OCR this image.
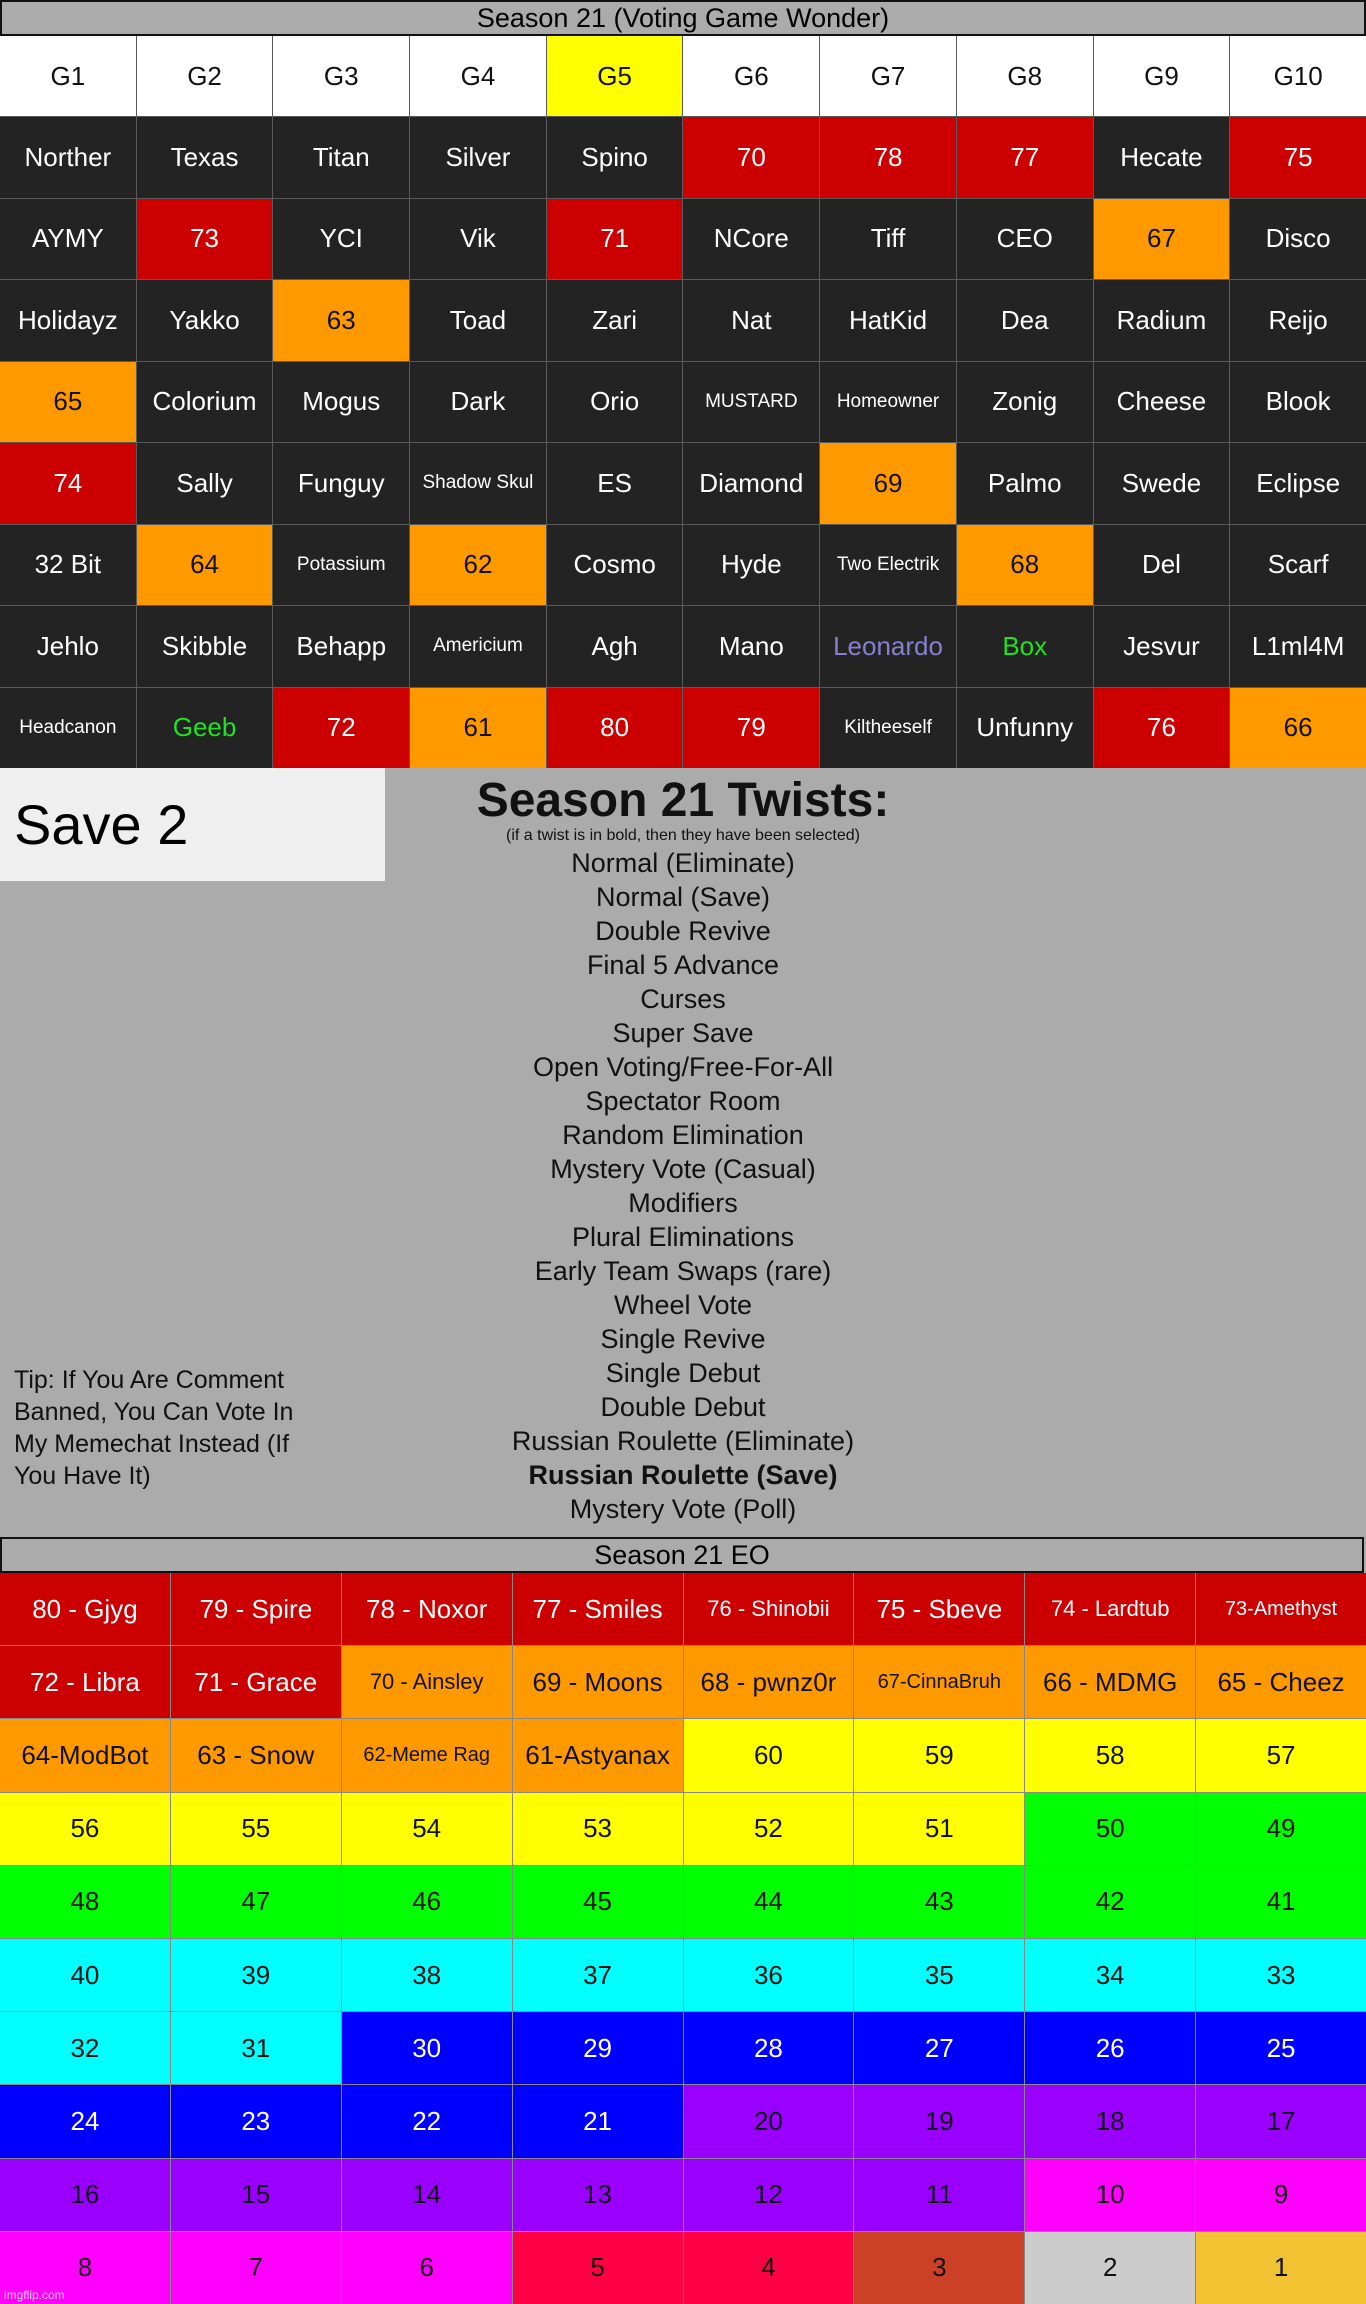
Season 21 (Voting Game Wonder)
G1	G2	G3	G4	G5	G6	G7	G8	G9	G10
Norther	Texas	Titan	Silver	Spino	70	78	77	Hecate	75
AYMY	73	YCI	Vik	71	NCore	Tiff	CEO	67	Disco
Holidayz	Yakko	63	Toad	Zari	Nat	HatKid	Dea	Radium	Reijo
65	Colorium	Mogus	Dark	Orio	MUSTARD	Homeowner	Zonig	Cheese	Blook
74	Sally	Funguy	Shadow Skul	ES	Diamond	69	Palmo	Swede	Eclipse
32 Bit	64	Potassium	62	Cosmo	Hyde	Two Electrik	68	Del	Scarf
Jehlo	Skibble	Behapp	Americium	Agh	Mano	Leonardo	Box	Jesvur	L1ml4M
Headcanon	Geeb	72	61	80	79	Kiltheeself	Unfunny	76	66
Save 2	Season 21 Twists:
(if a twist is in bold, then they have been selected)
Normal (Eliminate)
Normal (Save)
Double Revive
Final 5 Advance
Curses
Super Save
Open Voting/Free-For-All
Spectator Room
Random Elimination
Mystery Vote (Casual)
Modifiers
Plural Eliminations
Early Team Swaps (rare)
Wheel Vote
Single Revive
Single Debut
Double Debut
Russian Roulette (Eliminate)
Russian Roulette (Save)
Mystery Vote (Poll)
Tip: If You Are Comment Banned, You Can Vote In My Memechat Instead (If You Have It)
Season 21 EO
80 - Gjyg	79 - Spire	78 - Noxor	77 - Smiles	76 - Shinobii	75 - Sbeve	74 - Lardtub	73-Amethyst
72 - Libra	71 - Grace	70 - Ainsley	69 - Moons	68 - pwnz0r	67-CinnaBruh	66 - MDMG	65 - Cheez
64-ModBot	63 - Snow	62-Meme Rag	61-Astyanax	60	59	58	57
56	55	54	53	52	51	50	49
48	47	46	45	44	43	42	41
40	39	38	37	36	35	34	33
32	31	30	29	28	27	26	25
24	23	22	21	20	19	18	17
16	15	14	13	12	11	10	9
8	7	6	5	4	3	2	1
imgflip.com
